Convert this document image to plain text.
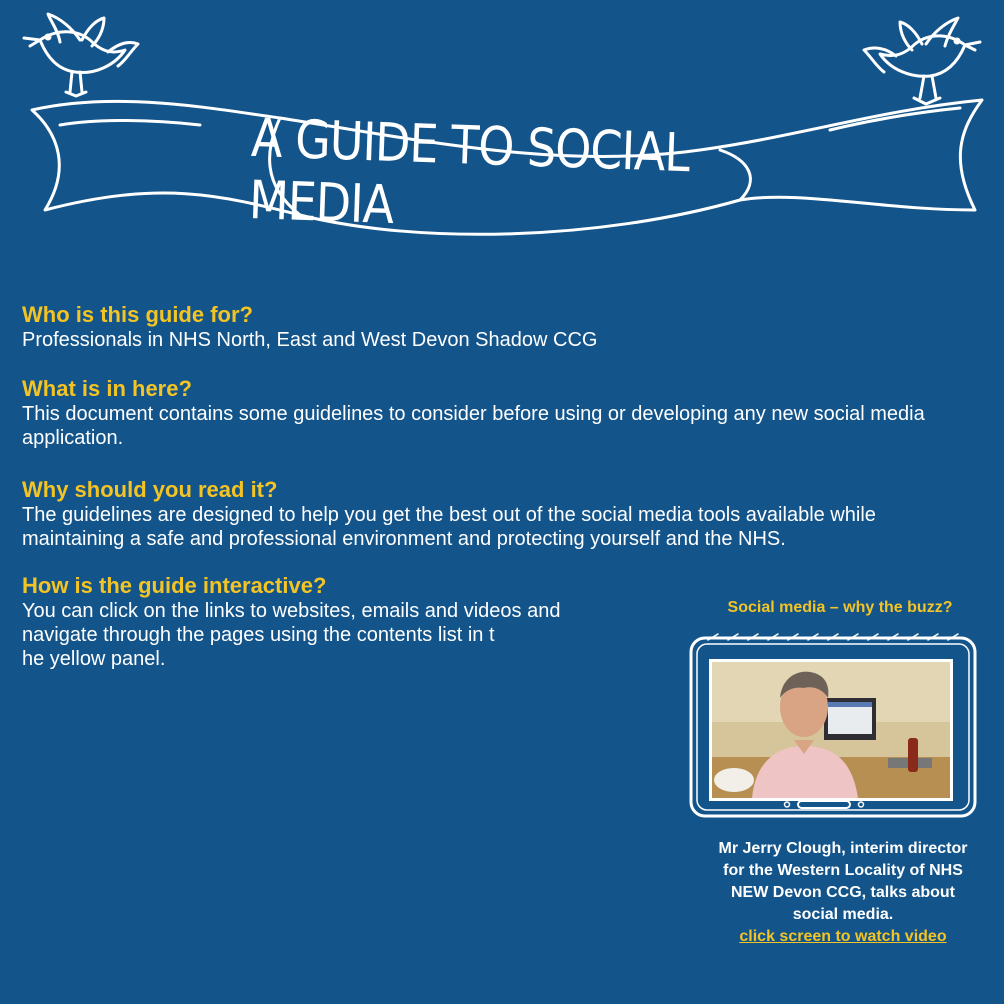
A GUIDE TO SOCIAL MEDIA
Who is this guide for?

Professionals in NHS North, East and West Devon Shadow CCG

What is in here?

This document contains some guidelines to consider before using or developing any new social media application.

Why should you read it?

The guidelines are designed to help you get the best out of the social media tools available while maintaining a safe and professional environment and protecting yourself and the NHS.

How is the guide interactive?

You can click on the links to websites, emails and videos and
navigate through the pages using the contents list in t
he yellow panel.

Social media – why the buzz?
Mr Jerry Clough, interim director
for the Western Locality of NHS
NEW Devon CCG, talks about
social media.
click screen to watch video
